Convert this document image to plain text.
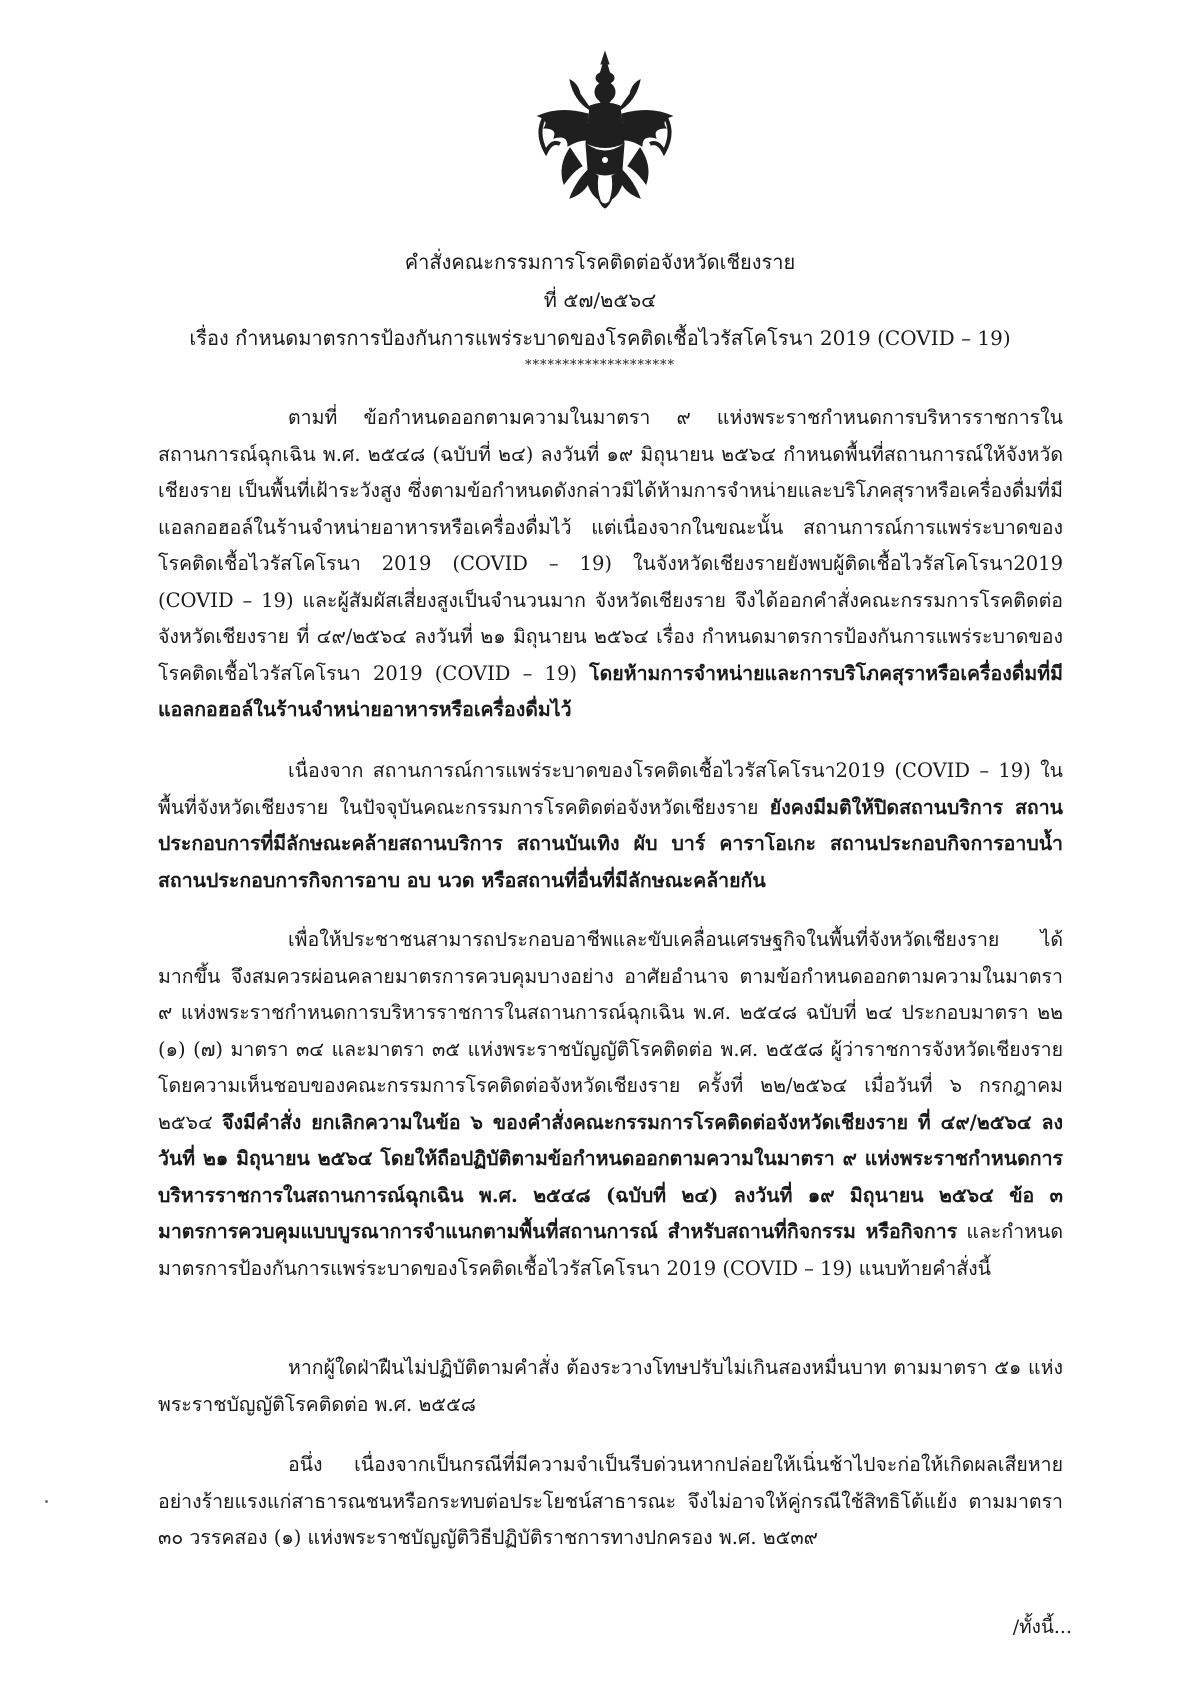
คำสั่งคณะกรรมการโรคติดต่อจังหวัดเชียงราย
ที่ ๕๗/๒๕๖๔
เรื่อง กำหนดมาตรการป้องกันการแพร่ระบาดของโรคติดเชื้อไวรัสโคโรนา 2019 (COVID – 19)
********************

ตามที่ ข้อกำหนดออกตามความในมาตรา ๙ แห่งพระราชกำหนดการบริหารราชการในสถานการณ์ฉุกเฉิน พ.ศ. ๒๕๔๘ (ฉบับที่ ๒๔) ลงวันที่ ๑๙ มิถุนายน ๒๕๖๔ กำหนดพื้นที่สถานการณ์ให้จังหวัดเชียงราย เป็นพื้นที่เฝ้าระวังสูง ซึ่งตามข้อกำหนดดังกล่าวมิได้ห้ามการจำหน่ายและบริโภคสุราหรือเครื่องดื่มที่มีแอลกอฮอล์ในร้านจำหน่ายอาหารหรือเครื่องดื่มไว้ แต่เนื่องจากในขณะนั้น สถานการณ์การแพร่ระบาดของโรคติดเชื้อไวรัสโคโรนา 2019 (COVID – 19) ในจังหวัดเชียงรายยังพบผู้ติดเชื้อไวรัสโคโรนา2019 (COVID – 19) และผู้สัมผัสเสี่ยงสูงเป็นจำนวนมาก จังหวัดเชียงราย จึงได้ออกคำสั่งคณะกรรมการโรคติดต่อจังหวัดเชียงราย ที่ ๔๙/๒๕๖๔ ลงวันที่ ๒๑ มิถุนายน ๒๕๖๔ เรื่อง กำหนดมาตรการป้องกันการแพร่ระบาดของโรคติดเชื้อไวรัสโคโรนา 2019 (COVID – 19) โดยห้ามการจำหน่ายและการบริโภคสุราหรือเครื่องดื่มที่มีแอลกอฮอล์ในร้านจำหน่ายอาหารหรือเครื่องดื่มไว้

เนื่องจาก สถานการณ์การแพร่ระบาดของโรคติดเชื้อไวรัสโคโรนา2019 (COVID – 19) ในพื้นที่จังหวัดเชียงราย ในปัจจุบันคณะกรรมการโรคติดต่อจังหวัดเชียงราย ยังคงมีมติให้ปิดสถานบริการ สถานประกอบการที่มีลักษณะคล้ายสถานบริการ สถานบันเทิง ผับ บาร์ คาราโอเกะ สถานประกอบกิจการอาบน้ำ สถานประกอบการกิจการอาบ อบ นวด หรือสถานที่อื่นที่มีลักษณะคล้ายกัน

เพื่อให้ประชาชนสามารถประกอบอาชีพและขับเคลื่อนเศรษฐกิจในพื้นที่จังหวัดเชียงราย ได้มากขึ้น จึงสมควรผ่อนคลายมาตรการควบคุมบางอย่าง อาศัยอำนาจ ตามข้อกำหนดออกตามความในมาตรา ๙ แห่งพระราชกำหนดการบริหารราชการในสถานการณ์ฉุกเฉิน พ.ศ. ๒๕๔๘ ฉบับที่ ๒๔ ประกอบมาตรา ๒๒ (๑) (๗) มาตรา ๓๔ และมาตรา ๓๕ แห่งพระราชบัญญัติโรคติดต่อ พ.ศ. ๒๕๕๘ ผู้ว่าราชการจังหวัดเชียงราย โดยความเห็นชอบของคณะกรรมการโรคติดต่อจังหวัดเชียงราย ครั้งที่ ๒๒/๒๕๖๔ เมื่อวันที่ ๖ กรกฎาคม ๒๕๖๔ จึงมีคำสั่ง ยกเลิกความในข้อ ๖ ของคำสั่งคณะกรรมการโรคติดต่อจังหวัดเชียงราย ที่ ๔๙/๒๕๖๔ ลงวันที่ ๒๑ มิถุนายน ๒๕๖๔ โดยให้ถือปฏิบัติตามข้อกำหนดออกตามความในมาตรา ๙ แห่งพระราชกำหนดการบริหารราชการในสถานการณ์ฉุกเฉิน พ.ศ. ๒๕๔๘ (ฉบับที่ ๒๔) ลงวันที่ ๑๙ มิถุนายน ๒๕๖๔ ข้อ ๓ มาตรการควบคุมแบบบูรณาการจำแนกตามพื้นที่สถานการณ์ สำหรับสถานที่กิจกรรม หรือกิจการ และกำหนดมาตรการป้องกันการแพร่ระบาดของโรคติดเชื้อไวรัสโคโรนา 2019 (COVID – 19) แนบท้ายคำสั่งนี้

หากผู้ใดฝ่าฝืนไม่ปฏิบัติตามคำสั่ง ต้องระวางโทษปรับไม่เกินสองหมื่นบาท ตามมาตรา ๕๑ แห่งพระราชบัญญัติโรคติดต่อ พ.ศ. ๒๕๕๘

อนึ่ง เนื่องจากเป็นกรณีที่มีความจำเป็นรีบด่วนหากปล่อยให้เนิ่นช้าไปจะก่อให้เกิดผลเสียหายอย่างร้ายแรงแก่สาธารณชนหรือกระทบต่อประโยชน์สาธารณะ จึงไม่อาจให้คู่กรณีใช้สิทธิโต้แย้ง ตามมาตรา ๓๐ วรรคสอง (๑) แห่งพระราชบัญญัติวิธีปฏิบัติราชการทางปกครอง พ.ศ. ๒๕๓๙

/ทั้งนี้...
